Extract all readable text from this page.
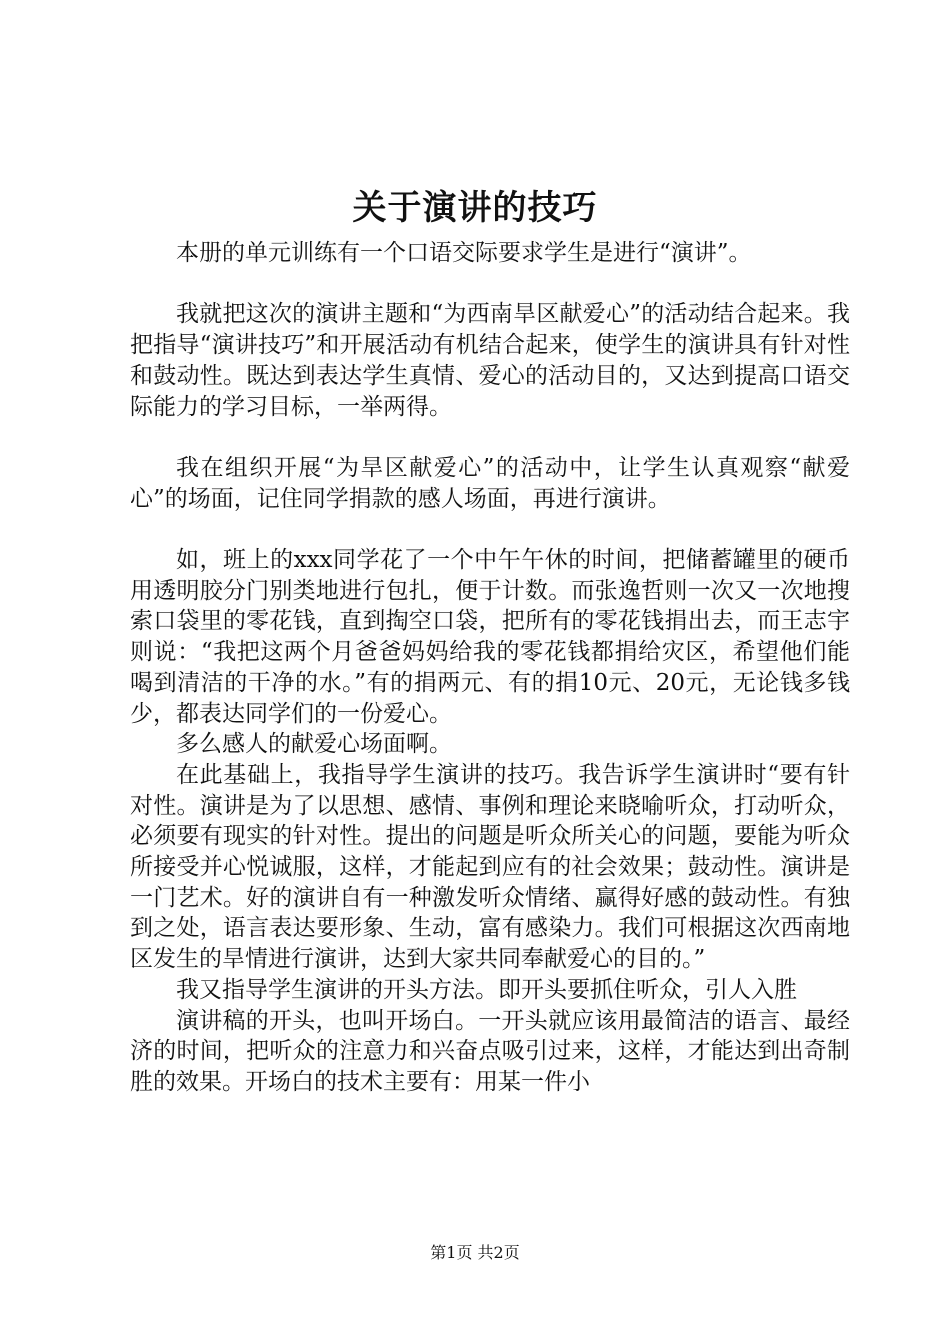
关于演讲的技巧

本册的单元训练有一个口语交际要求学生是进行“演讲”。

我就把这次的演讲主题和“为西南旱区献爱心”的活动结合起来。我把指导“演讲技巧”和开展活动有机结合起来，使学生的演讲具有针对性和鼓动性。既达到表达学生真情、爱心的活动目的，又达到提高口语交际能力的学习目标，一举两得。

我在组织开展“为旱区献爱心”的活动中，让学生认真观察“献爱心”的场面，记住同学捐款的感人场面，再进行演讲。

如，班上的xxx同学花了一个中午午休的时间，把储蓄罐里的硬币用透明胶分门别类地进行包扎，便于计数。而张逸哲则一次又一次地搜索口袋里的零花钱，直到掏空口袋，把所有的零花钱捐出去，而王志宇则说：“我把这两个月爸爸妈妈给我的零花钱都捐给灾区，希望他们能喝到清洁的干净的水。”有的捐两元、有的捐10元、20元，无论钱多钱少，都表达同学们的一份爱心。

多么感人的献爱心场面啊。

在此基础上，我指导学生演讲的技巧。我告诉学生演讲时“要有针对性。演讲是为了以思想、感情、事例和理论来晓喻听众，打动听众，必须要有现实的针对性。提出的问题是听众所关心的问题，要能为听众所接受并心悦诚服，这样，才能起到应有的社会效果；鼓动性。演讲是一门艺术。好的演讲自有一种激发听众情绪、赢得好感的鼓动性。有独到之处，语言表达要形象、生动，富有感染力。我们可根据这次西南地区发生的旱情进行演讲，达到大家共同奉献爱心的目的。”

我又指导学生演讲的开头方法。即开头要抓住听众，引人入胜

演讲稿的开头，也叫开场白。一开头就应该用最简洁的语言、最经济的时间，把听众的注意力和兴奋点吸引过来，这样，才能达到出奇制胜的效果。开场白的技术主要有：用某一件小

第1页 共2页
